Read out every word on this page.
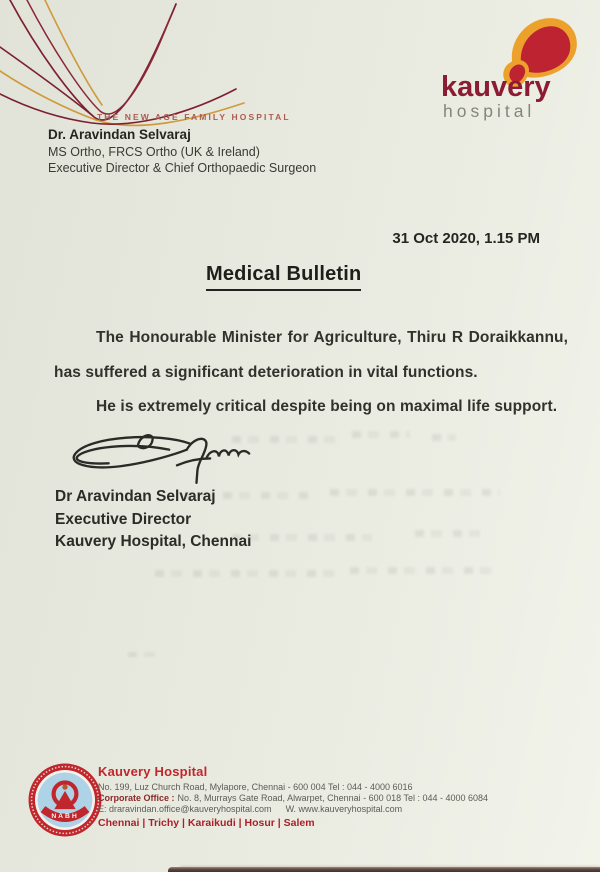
THE NEW AGE FAMILY HOSPITAL
Dr. Aravindan Selvaraj
MS Ortho, FRCS Ortho (UK & Ireland)
Executive Director & Chief Orthopaedic Surgeon
kauvery
hospital
31 Oct 2020, 1.15 PM
Medical Bulletin
The Honourable Minister for Agriculture, Thiru R Doraikkannu,
has suffered a significant deterioration in vital functions.
He is extremely critical despite being on maximal life support.
Dr Aravindan Selvaraj
Executive Director
Kauvery Hospital, Chennai
NABH
Kauvery Hospital
No. 199, Luz Church Road, Mylapore, Chennai - 600 004 Tel : 044 - 4000 6016
Corporate Office : No. 8, Murrays Gate Road, Alwarpet, Chennai - 600 018 Tel : 044 - 4000 6084
E: draravindan.office@kauveryhospital.com W. www.kauveryhospital.com
Chennai | Trichy | Karaikudi | Hosur | Salem
